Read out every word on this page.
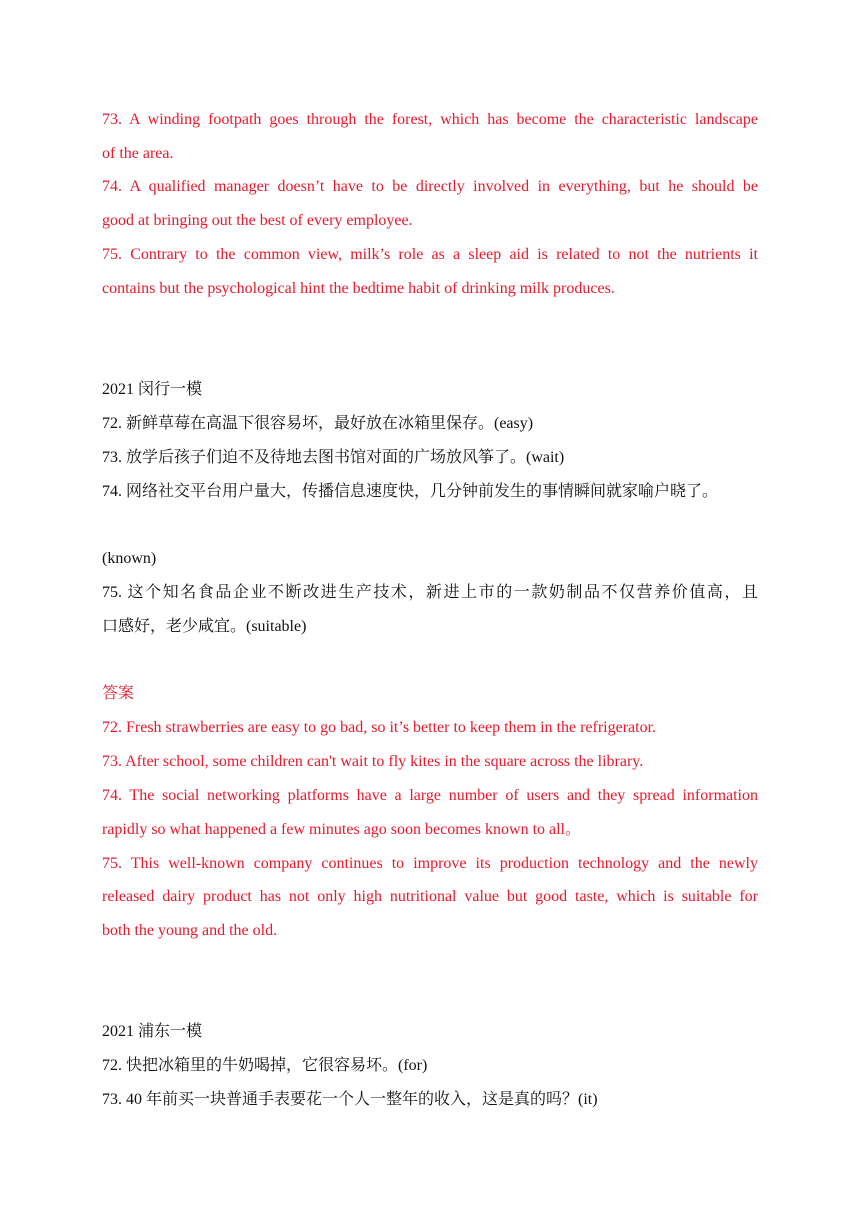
73. A winding footpath goes through the forest, which has become the characteristic landscape
of the area.
74. A qualified manager doesn’t have to be directly involved in everything, but he should be
good at bringing out the best of every employee.
75. Contrary to the common view, milk’s role as a sleep aid is related to not the nutrients it
contains but the psychological hint the bedtime habit of drinking milk produces.
2021 闵行一模
72. 新鲜草莓在高温下很容易坏，最好放在冰箱里保存。(easy)
73. 放学后孩子们迫不及待地去图书馆对面的广场放风筝了。(wait)
74. 网络社交平台用户量大，传播信息速度快，几分钟前发生的事情瞬间就家喻户晓了。
(known)
75. 这个知名食品企业不断改进生产技术，新进上市的一款奶制品不仅营养价值高，且
口感好，老少咸宜。(suitable)
答案
72. Fresh strawberries are easy to go bad, so it’s better to keep them in the refrigerator.
73. After school, some children can't wait to fly kites in the square across the library.
74. The social networking platforms have a large number of users and they spread information
rapidly so what happened a few minutes ago soon becomes known to all。
75. This well-known company continues to improve its production technology and the newly
released dairy product has not only high nutritional value but good taste, which is suitable for
both the young and the old.
2021 浦东一模
72. 快把冰箱里的牛奶喝掉，它很容易坏。(for)
73. 40 年前买一块普通手表要花一个人一整年的收入，这是真的吗？(it)
